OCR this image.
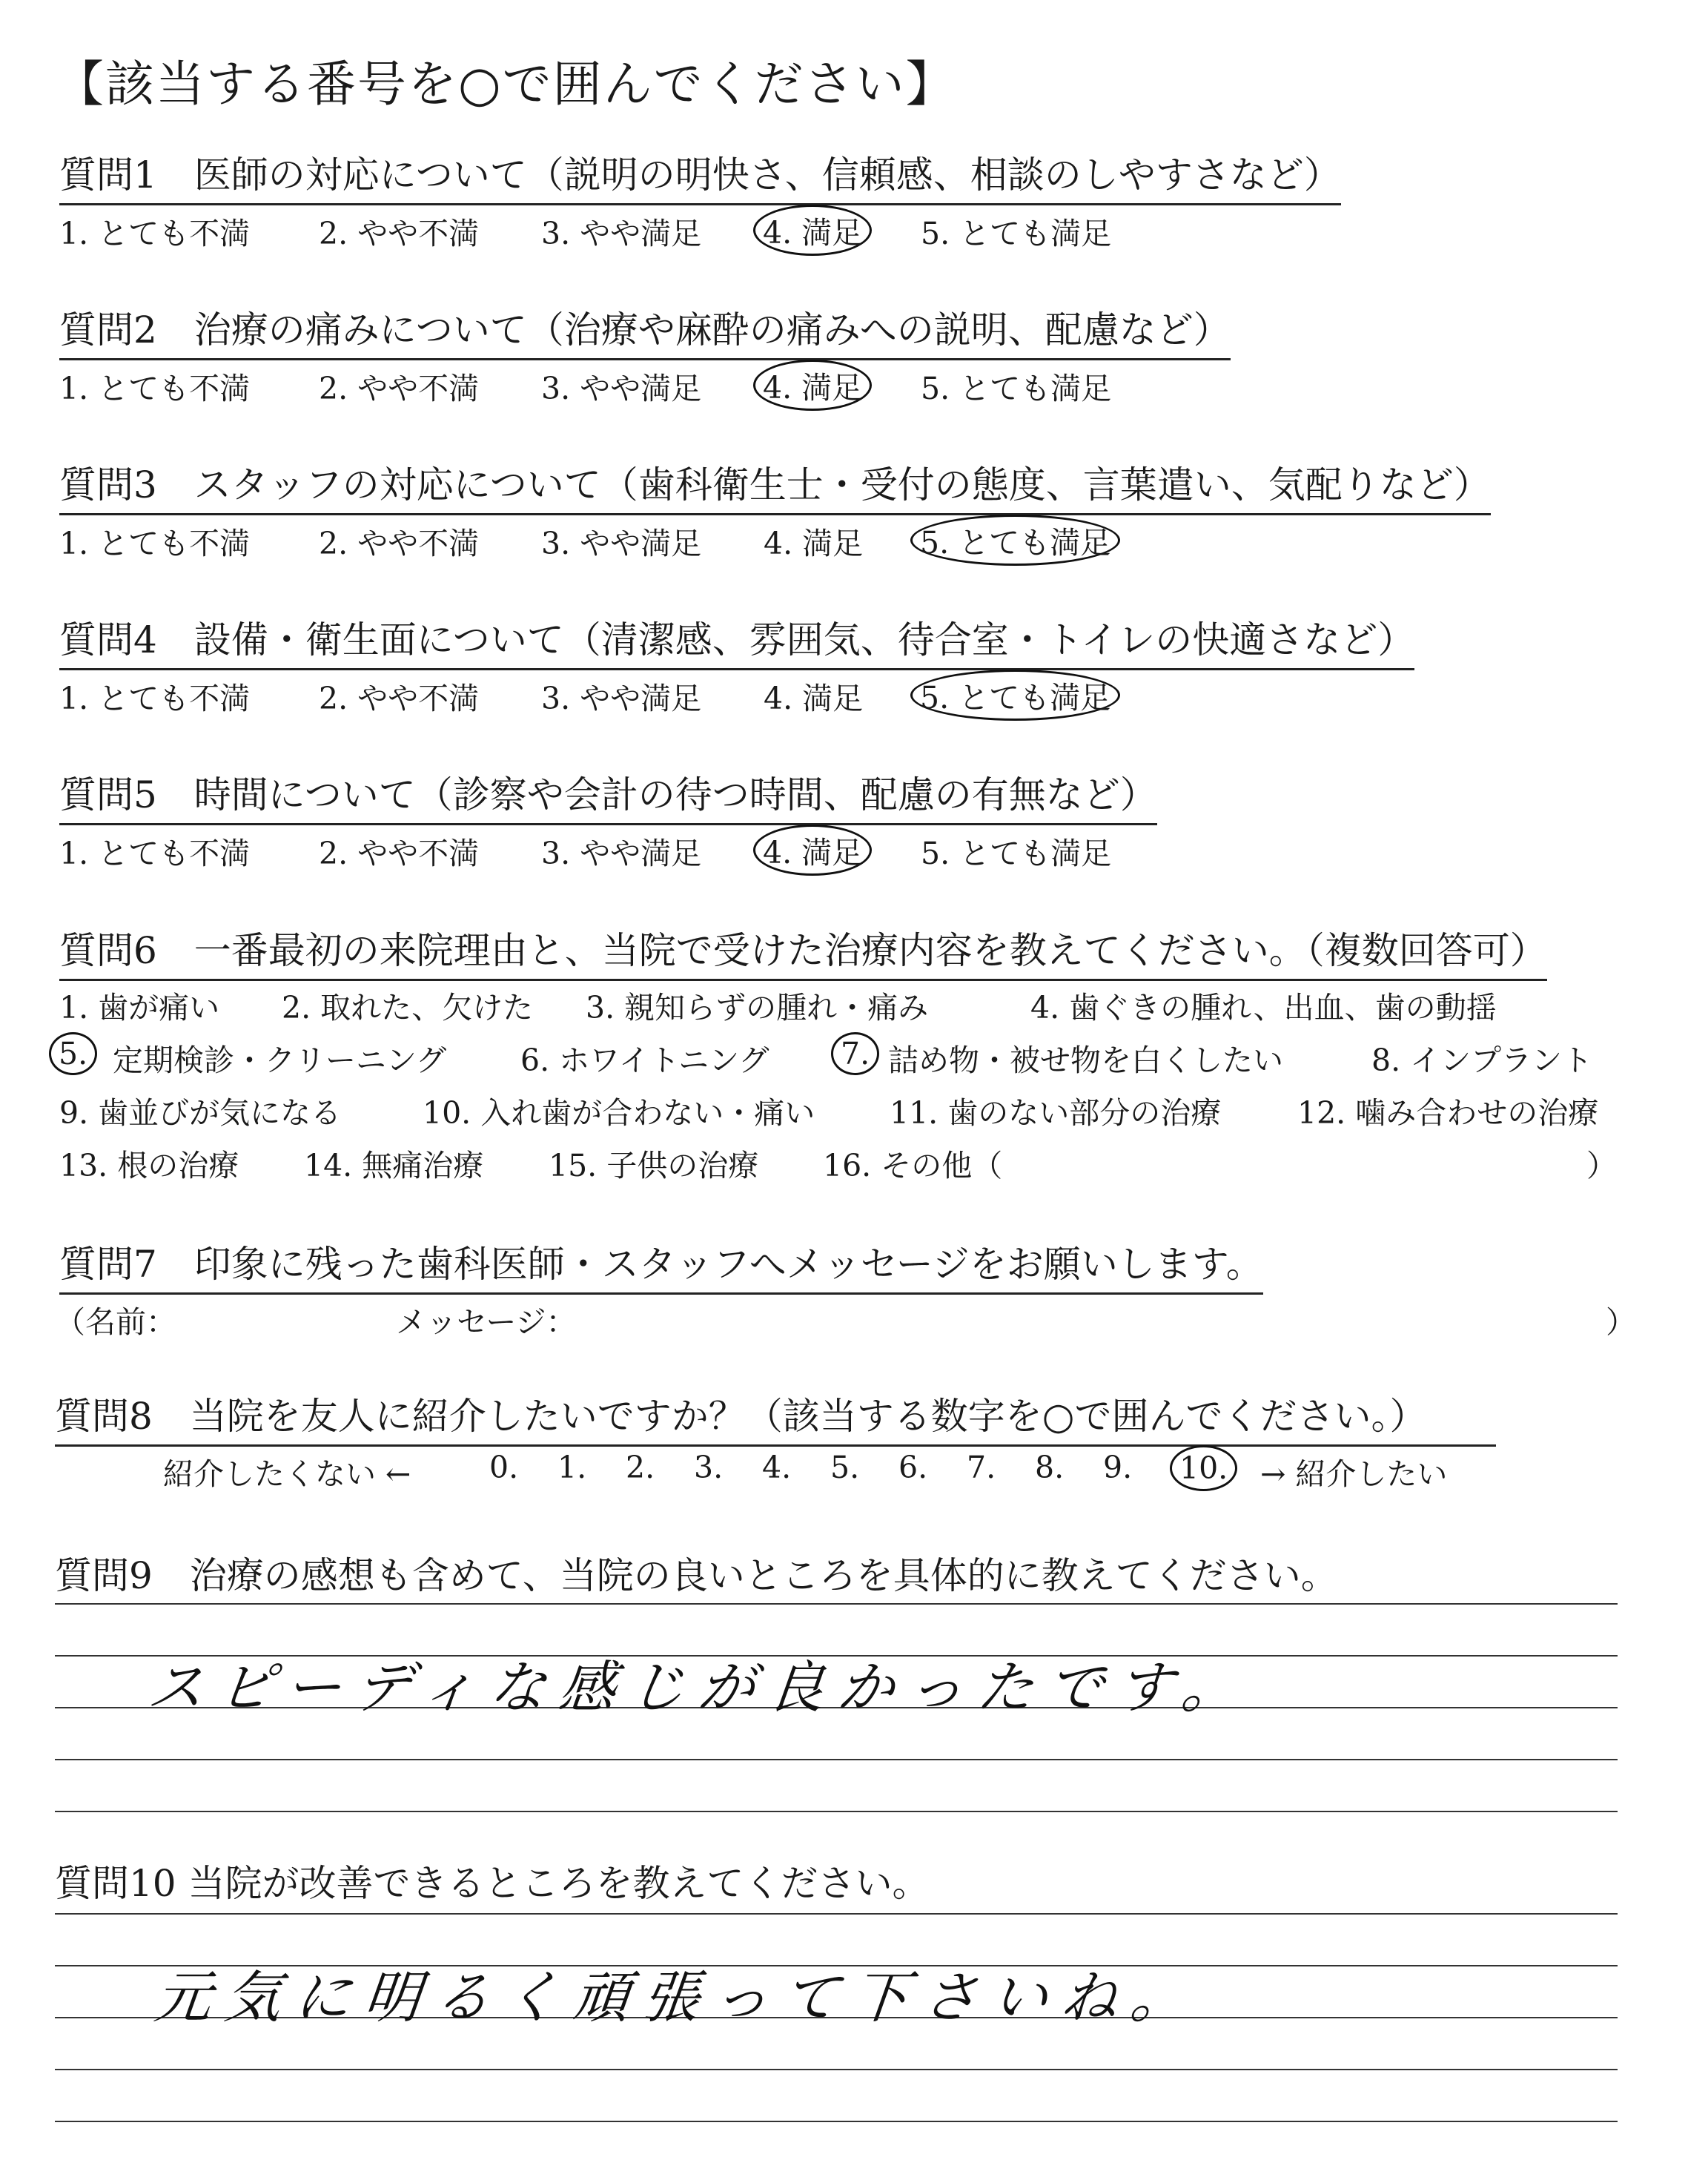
【該当する番号を○で囲んでください】
質問1　医師の対応について（説明の明快さ、信頼感、相談のしやすさなど）
1. とても不満 2. やや不満 3. やや満足 4. 満足 5. とても満足
質問2　治療の痛みについて（治療や麻酔の痛みへの説明、配慮など）
1. とても不満 2. やや不満 3. やや満足 4. 満足 5. とても満足
質問3　スタッフの対応について（歯科衛生士・受付の態度、言葉遣い、気配りなど）
1. とても不満 2. やや不満 3. やや満足 4. 満足 5. とても満足
質問4　設備・衛生面について（清潔感、雰囲気、待合室・トイレの快適さなど）
1. とても不満 2. やや不満 3. やや満足 4. 満足 5. とても満足
質問5　時間について（診察や会計の待つ時間、配慮の有無など）
1. とても不満 2. やや不満 3. やや満足 4. 満足 5. とても満足
質問6　一番最初の来院理由と、当院で受けた治療内容を教えてください。（複数回答可）
1. 歯が痛い 2. 取れた、欠けた 3. 親知らずの腫れ・痛み	4. 歯ぐきの腫れ、出血、歯の動揺
5. 定期検診・クリーニング 6. ホワイトニング 7. 詰め物・被せ物を白くしたい	8. インプラント
9. 歯並びが気になる	10. 入れ歯が合わない・痛い 11. 歯のない部分の治療	12. 噛み合わせの治療
13. 根の治療 14. 無痛治療 15. 子供の治療 16. その他（	）
質問7　印象に残った歯科医師・スタッフへメッセージをお願いします。
（名前：	メッセージ：	）
質問8　当院を友人に紹介したいですか？（該当する数字を○で囲んでください。）
紹介したくない ←	0. 1. 2. 3. 4. 5. 6. 7. 8. 9. 10. → 紹介したい
質問9　治療の感想も含めて、当院の良いところを具体的に教えてください。
スピーディな感じが良かったです。
質問10 当院が改善できるところを教えてください。
元気に明るく頑張って下さいね。
